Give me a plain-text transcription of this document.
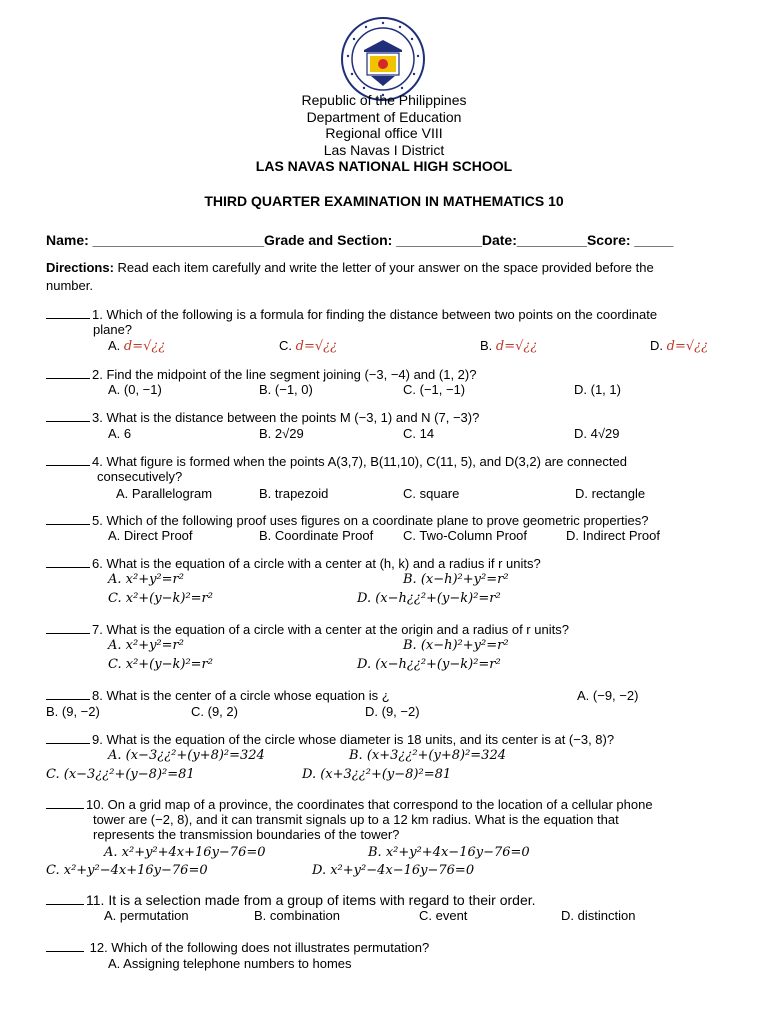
Republic of the Philippines
Department of Education
Regional office VIII
Las Navas I District
LAS NAVAS NATIONAL HIGH SCHOOL
THIRD QUARTER EXAMINATION IN MATHEMATICS 10
Name: ______________________Grade and Section: ___________Date:_________Score: _____
Directions: Read each item carefully and write the letter of your answer on the space provided before the
number.
1. Which of the following is a formula for finding the distance between two points on the coordinate
plane?
A. d=√¿¿	C. d=√¿¿	B. d=√¿¿	D. d=√¿¿
2. Find the midpoint of the line segment joining (−3, −4) and (1, 2)?
A. (0, −1)	B. (−1, 0)	C. (−1, −1)	D. (1, 1)
3. What is the distance between the points M (−3, 1) and N (7, −3)?
A. 6	B. 2√29	C. 14	D. 4√29
4. What figure is formed when the points A(3,7), B(11,10), C(11, 5), and D(3,2) are connected
consecutively?
A. Parallelogram	B. trapezoid	C. square	D. rectangle
5. Which of the following proof uses figures on a coordinate plane to prove geometric properties?
A. Direct Proof	B. Coordinate Proof C. Two-Column Proof	D. Indirect Proof
6. What is the equation of a circle with a center at (h, k) and a radius if r units?
A. x²+y²=r²	B. (x−h)²+y²=r²
C. x²+(y−k)²=r²	D. (x−h¿¿²+(y−k)²=r²
7. What is the equation of a circle with a center at the origin and a radius of r units?
A. x²+y²=r²	B. (x−h)²+y²=r²
C. x²+(y−k)²=r²	D. (x−h¿¿²+(y−k)²=r²
8. What is the center of a circle whose equation is ¿	A. (−9, −2)
B. (9, −2)	C. (9, 2)	D. (9, −2)
9. What is the equation of the circle whose diameter is 18 units, and its center is at (−3, 8)?
A. (x−3¿¿²+(y+8)²=324	B. (x+3¿¿²+(y+8)²=324
C. (x−3¿¿²+(y−8)²=81	D. (x+3¿¿²+(y−8)²=81
10. On a grid map of a province, the coordinates that correspond to the location of a cellular phone
tower are (−2, 8), and it can transmit signals up to a 12 km radius. What is the equation that
represents the transmission boundaries of the tower?
A. x²+y²+4x+16y−76=0	B. x²+y²+4x−16y−76=0
C. x²+y²−4x+16y−76=0	D. x²+y²−4x−16y−76=0
11. It is a selection made from a group of items with regard to their order.
A. permutation	B. combination	C. event	D. distinction
12. Which of the following does not illustrates permutation?
A. Assigning telephone numbers to homes
